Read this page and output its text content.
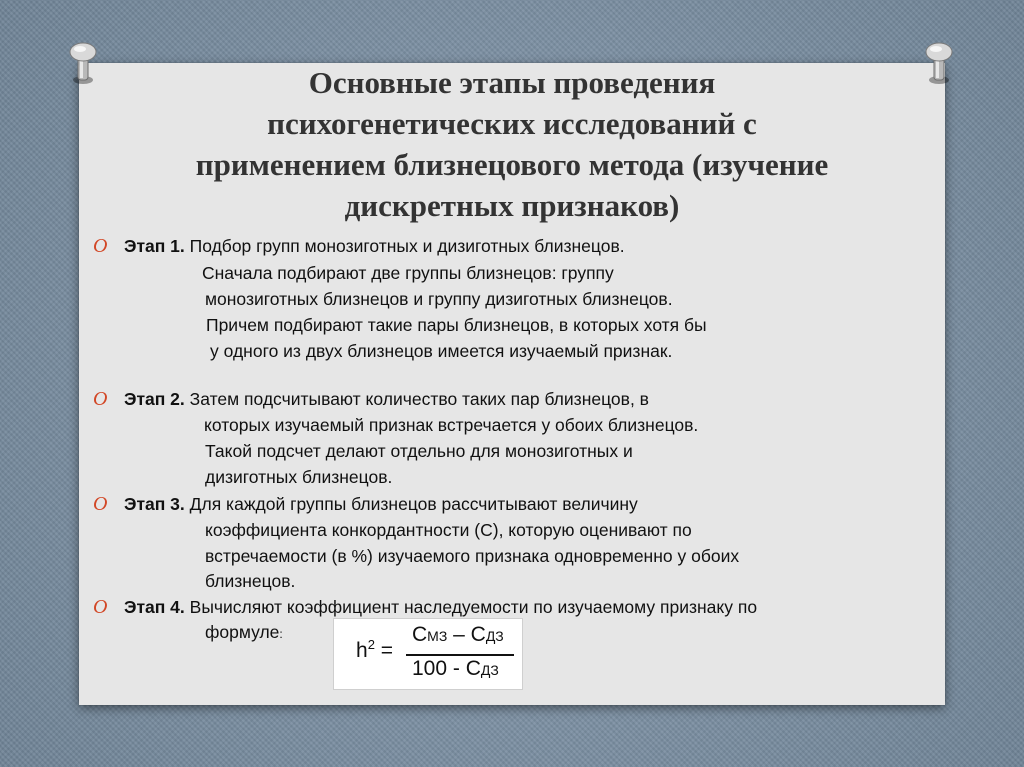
Основные этапы проведения
психогенетических исследований с
применением близнецового метода (изучение
дискретных признаков)
O Этап 1. Подбор групп монозиготных и дизиготных близнецов.
Сначала подбирают две группы близнецов: группу
монозиготных близнецов и группу дизиготных близнецов.
Причем подбирают такие пары близнецов, в которых хотя бы
у одного из двух близнецов имеется изучаемый признак.
O Этап 2. Затем подсчитывают количество таких пар близнецов, в
которых изучаемый признак встречается у обоих близнецов.
Такой подсчет делают отдельно для монозиготных и
дизиготных близнецов.
O Этап 3. Для каждой группы близнецов рассчитывают величину
коэффициента конкордантности (С), которую оценивают по
встречаемости (в %) изучаемого признака одновременно у обоих
близнецов.
O Этап 4. Вычисляют коэффициент наследуемости по изучаемому признаку по
формуле:
$h^2$ =
СМЗ – СДЗ
100 - СДЗ
